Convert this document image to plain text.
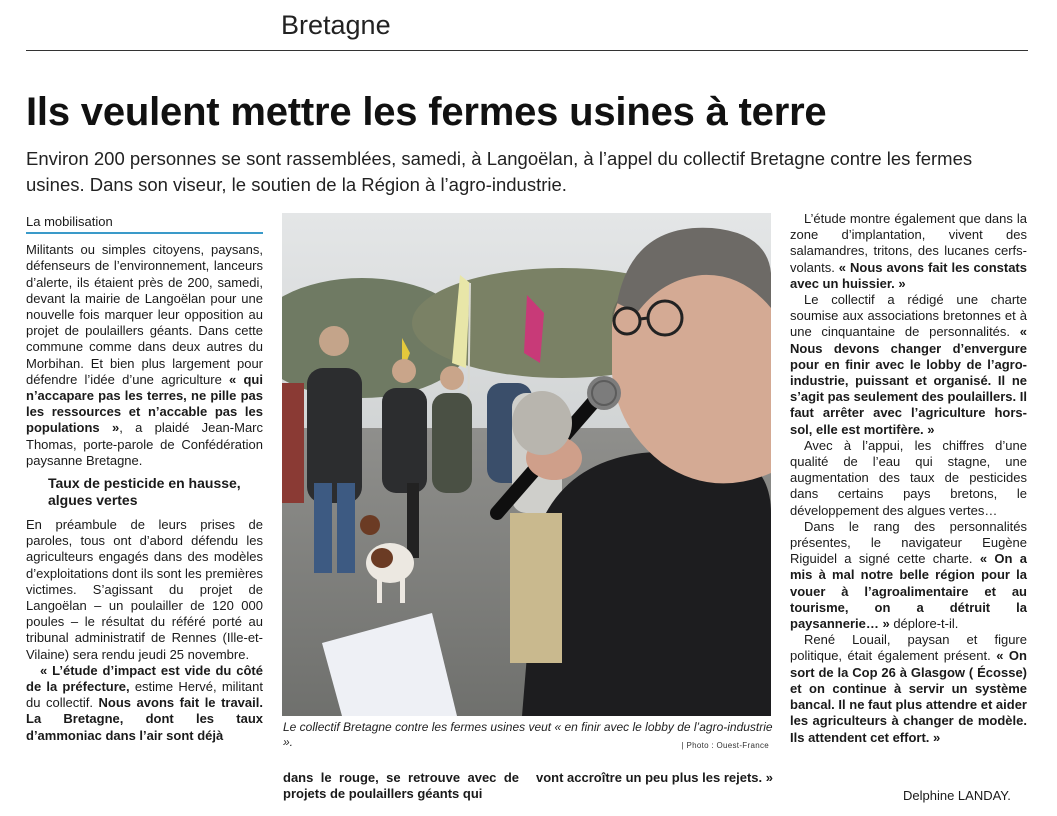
Bretagne
Ils veulent mettre les fermes usines à terre

Environ 200 personnes se sont rassemblées, samedi, à Langoëlan, à l’appel du collectif Bretagne contre les fermes usines. Dans son viseur, le soutien de la Région à l’agro-industrie.

La mobilisation

Militants ou simples citoyens, paysans, défenseurs de l’environnement, lanceurs d’alerte, ils étaient près de 200, samedi, devant la mairie de Langoëlan pour une nouvelle fois marquer leur opposition au projet de poulaillers géants. Dans cette commune comme dans deux autres du Morbihan. Et bien plus largement pour défendre l’idée d’une agriculture « qui n’accapare pas les terres, ne pille pas les ressources et n’accable pas les populations », a plaidé Jean-Marc Thomas, porte-parole de Confédération paysanne Bretagne.

Taux de pesticide en hausse, algues vertes

En préambule de leurs prises de paroles, tous ont d’abord défendu les agriculteurs engagés dans des modèles d’exploitations dont ils sont les premières victimes. S’agissant du projet de Langoëlan – un poulailler de 120 000 poules – le résultat du référé porté au tribunal administratif de Rennes (Ille-et-Vilaine) sera rendu jeudi 25 novembre.

« L’étude d’impact est vide du côté de la préfecture, estime Hervé, militant du collectif. Nous avons fait le travail. La Bretagne, dont les taux d’ammoniac dans l’air sont déjà

Le collectif Bretagne contre les fermes usines veut « en finir avec le lobby de l’agro-industrie ».	| Photo : Ouest-France

dans le rouge, se retrouve avec de projets de poulaillers géants qui

vont accroître un peu plus les rejets. »

L’étude montre également que dans la zone d’implantation, vivent des salamandres, tritons, des lucanes cerfs-volants. « Nous avons fait les constats avec un huissier. »

Le collectif a rédigé une charte soumise aux associations bretonnes et à une cinquantaine de personnalités. « Nous devons changer d’envergure pour en finir avec le lobby de l’agro-industrie, puissant et organisé. Il ne s’agit pas seulement des poulaillers. Il faut arrêter avec l’agriculture hors-sol, elle est mortifère. »

Avec à l’appui, les chiffres d’une qualité de l’eau qui stagne, une augmentation des taux de pesticides dans certains pays bretons, le développement des algues vertes…

Dans le rang des personnalités présentes, le navigateur Eugène Riguidel a signé cette charte. « On a mis à mal notre belle région pour la vouer à l’agroalimentaire et au tourisme, on a détruit la paysannerie… » déplore-t-il.

René Louail, paysan et figure politique, était également présent. « On sort de la Cop 26 à Glasgow ( Écosse) et on continue à servir un système bancal. Il ne faut plus attendre et aider les agriculteurs à changer de modèle. Ils attendent cet effort. »

Delphine LANDAY.
